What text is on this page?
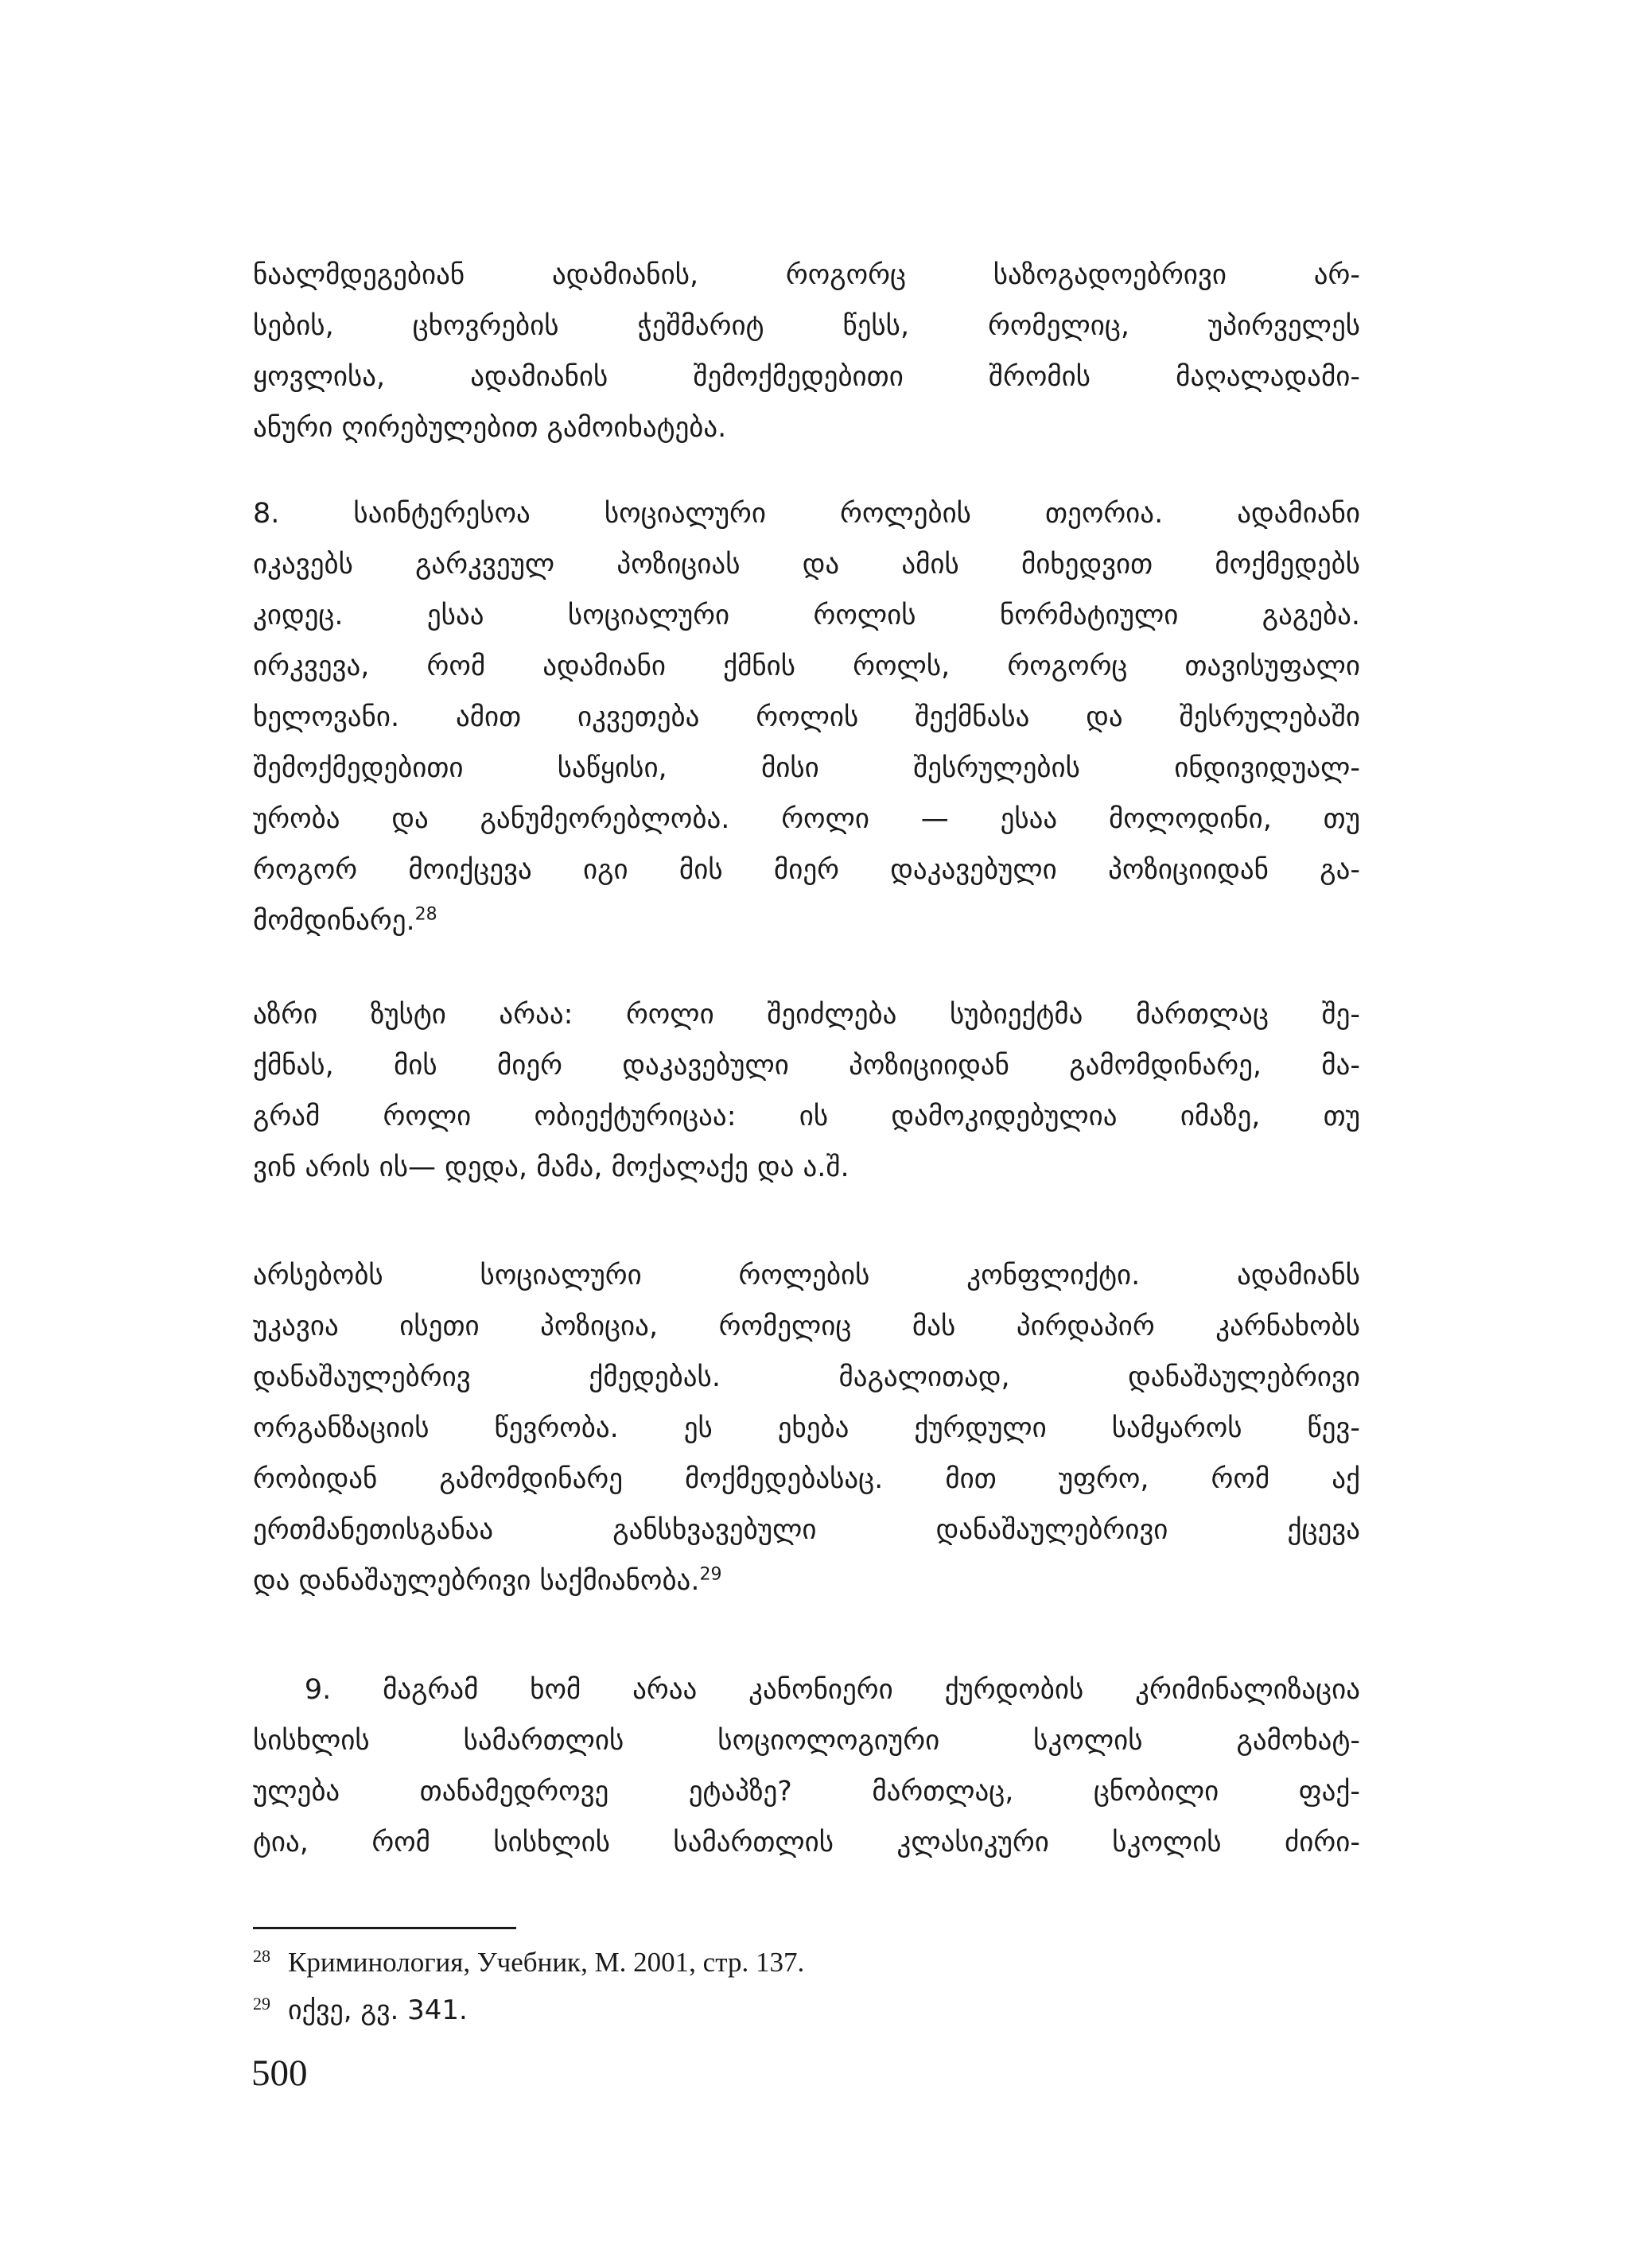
ნაალმდეგებიან ადამიანის, როგორც საზოგადოებრივი არ-
სების, ცხოვრების ჭეშმარიტ წესს, რომელიც, უპირველეს
ყოვლისა, ადამიანის შემოქმედებითი შრომის მაღალადამი-
ანური ღირებულებით გამოიხატება.
8. საინტერესოა სოციალური როლების თეორია. ადამიანი
იკავებს გარკვეულ პოზიციას და ამის მიხედვით მოქმედებს
კიდეც. ესაა სოციალური როლის ნორმატიული გაგება.
ირკვევა, რომ ადამიანი ქმნის როლს, როგორც თავისუფალი
ხელოვანი. ამით იკვეთება როლის შექმნასა და შესრულებაში
შემოქმედებითი საწყისი, მისი შესრულების ინდივიდუალ-
ურობა და განუმეორებლობა. როლი — ესაა მოლოდინი, თუ
როგორ მოიქცევა იგი მის მიერ დაკავებული პოზიციიდან გა-
მომდინარე.$^{28}$
აზრი ზუსტი არაა: როლი შეიძლება სუბიექტმა მართლაც შე-
ქმნას, მის მიერ დაკავებული პოზიციიდან გამომდინარე, მა-
გრამ როლი ობიექტურიცაა: ის დამოკიდებულია იმაზე, თუ
ვინ არის ის— დედა, მამა, მოქალაქე და ა.შ.
არსებობს სოციალური როლების კონფლიქტი. ადამიანს
უკავია ისეთი პოზიცია, რომელიც მას პირდაპირ კარნახობს
დანაშაულებრივ ქმედებას. მაგალითად, დანაშაულებრივი
ორგანზაციის წევრობა. ეს ეხება ქურდული სამყაროს წევ-
რობიდან გამომდინარე მოქმედებასაც. მით უფრო, რომ აქ
ერთმანეთისგანაა განსხვავებული დანაშაულებრივი ქცევა
და დანაშაულებრივი საქმიანობა.$^{29}$
9. მაგრამ ხომ არაა კანონიერი ქურდობის კრიმინალიზაცია
სისხლის სამართლის სოციოლოგიური სკოლის გამოხატ-
ულება თანამედროვე ეტაპზე? მართლაც, ცნობილი ფაქ-
ტია, რომ სისხლის სამართლის კლასიკური სკოლის ძირი-
$^{28}$ Криминология, Учебник, М. 2001, стр. 137.
$^{29}$ იქვე, გვ. 341.
500
